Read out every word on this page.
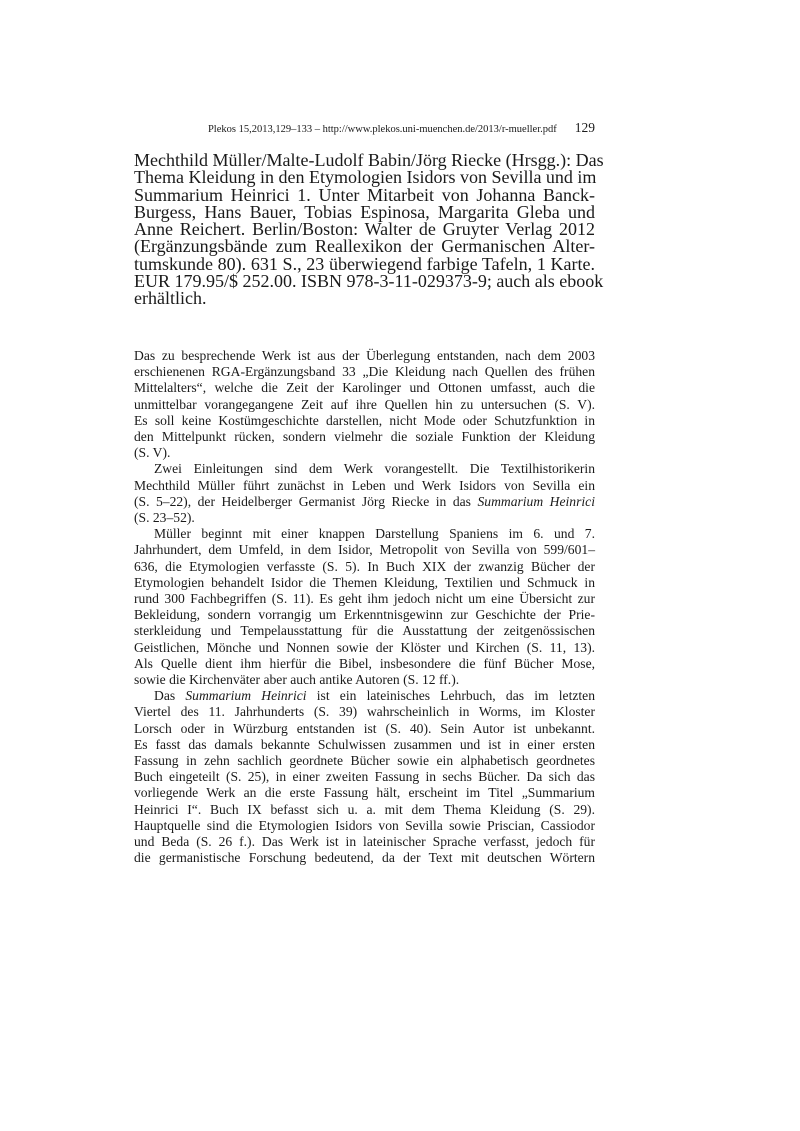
Plekos 15,2013,129–133 – http://www.plekos.uni-muenchen.de/2013/r-mueller.pdf 129
Mechthild Müller/Malte-Ludolf Babin/Jörg Riecke (Hrsgg.): Das
Thema Kleidung in den Etymologien Isidors von Sevilla und im
Summarium Heinrici 1. Unter Mitarbeit von Johanna Banck-
Burgess, Hans Bauer, Tobias Espinosa, Margarita Gleba und
Anne Reichert. Berlin/Boston: Walter de Gruyter Verlag 2012
(Ergänzungsbände zum Reallexikon der Germanischen Alter-
tumskunde 80). 631 S., 23 überwiegend farbige Tafeln, 1 Karte.
EUR 179.95/$ 252.00. ISBN 978-3-11-029373-9; auch als ebook
erhältlich.
Das zu besprechende Werk ist aus der Überlegung entstanden, nach dem 2003
erschienenen RGA-Ergänzungsband 33 „Die Kleidung nach Quellen des frühen
Mittelalters“, welche die Zeit der Karolinger und Ottonen umfasst, auch die
unmittelbar vorangegangene Zeit auf ihre Quellen hin zu untersuchen (S. V).
Es soll keine Kostümgeschichte darstellen, nicht Mode oder Schutzfunktion in
den Mittelpunkt rücken, sondern vielmehr die soziale Funktion der Kleidung
(S. V).
Zwei Einleitungen sind dem Werk vorangestellt. Die Textilhistorikerin
Mechthild Müller führt zunächst in Leben und Werk Isidors von Sevilla ein
(S. 5–22), der Heidelberger Germanist Jörg Riecke in das Summarium Heinrici
(S. 23–52).
Müller beginnt mit einer knappen Darstellung Spaniens im 6. und 7.
Jahrhundert, dem Umfeld, in dem Isidor, Metropolit von Sevilla von 599/601–
636, die Etymologien verfasste (S. 5). In Buch XIX der zwanzig Bücher der
Etymologien behandelt Isidor die Themen Kleidung, Textilien und Schmuck in
rund 300 Fachbegriffen (S. 11). Es geht ihm jedoch nicht um eine Übersicht zur
Bekleidung, sondern vorrangig um Erkenntnisgewinn zur Geschichte der Prie-
sterkleidung und Tempelausstattung für die Ausstattung der zeitgenössischen
Geistlichen, Mönche und Nonnen sowie der Klöster und Kirchen (S. 11, 13).
Als Quelle dient ihm hierfür die Bibel, insbesondere die fünf Bücher Mose,
sowie die Kirchenväter aber auch antike Autoren (S. 12 ff.).
Das Summarium Heinrici ist ein lateinisches Lehrbuch, das im letzten
Viertel des 11. Jahrhunderts (S. 39) wahrscheinlich in Worms, im Kloster
Lorsch oder in Würzburg entstanden ist (S. 40). Sein Autor ist unbekannt.
Es fasst das damals bekannte Schulwissen zusammen und ist in einer ersten
Fassung in zehn sachlich geordnete Bücher sowie ein alphabetisch geordnetes
Buch eingeteilt (S. 25), in einer zweiten Fassung in sechs Bücher. Da sich das
vorliegende Werk an die erste Fassung hält, erscheint im Titel „Summarium
Heinrici I“. Buch IX befasst sich u. a. mit dem Thema Kleidung (S. 29).
Hauptquelle sind die Etymologien Isidors von Sevilla sowie Priscian, Cassiodor
und Beda (S. 26 f.). Das Werk ist in lateinischer Sprache verfasst, jedoch für
die germanistische Forschung bedeutend, da der Text mit deutschen Wörtern
